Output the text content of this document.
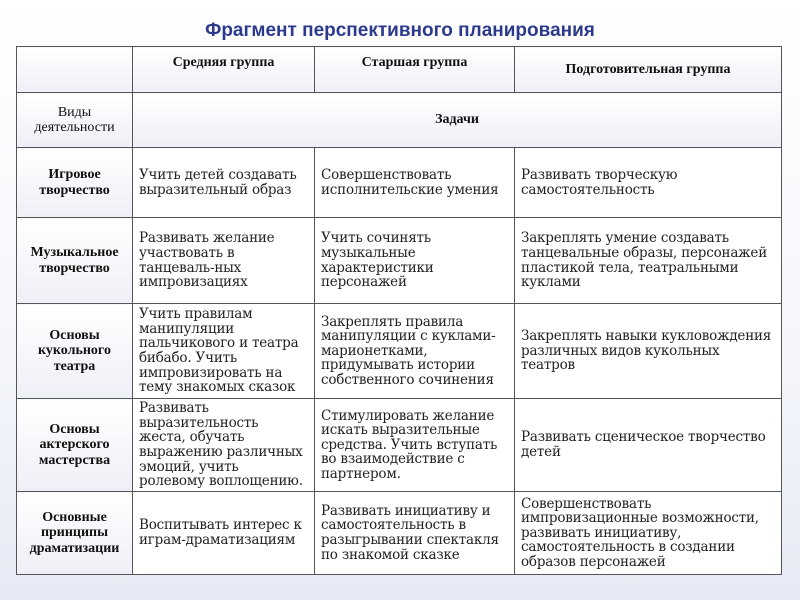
Фрагмент перспективного планирования
	Средняя группа	Старшая группа	Подготовительная группа
Виды деятельности	Задачи		
Игровое творчество	Учить детей создавать выразительный образ	Совершенствовать исполнительские умения	Развивать творческую самостоятельность
Музыкальное творчество	Развивать желание участвовать в танцеваль-ных импровизациях	Учить сочинять музыкальные характеристики персонажей	Закреплять умение создавать танцевальные образы, персонажей пластикой тела, театральными куклами
Основы кукольного театра	Учить правилам манипуляции пальчикового и театра бибабо. Учить импровизировать на тему знакомых сказок	Закреплять правила манипуляции с куклами-марионетками, придумывать истории собственного сочинения	Закреплять навыки кукловождения различных видов кукольных театров
Основы актерского мастерства	Развивать выразительность жеста, обучать выражению различных эмоций, учить ролевому воплощению.	Стимулировать желание искать выразительные средства. Учить вступать во взаимодействие с партнером.	Развивать сценическое творчество детей
Основные принципы драматизации	Воспитывать интерес к играм-драматизациям	Развивать инициативу и самостоятельность в разыгрывании спектакля по знакомой сказке	Совершенствовать импровизационные возможности, развивать инициативу, самостоятельность в создании образов персонажей
